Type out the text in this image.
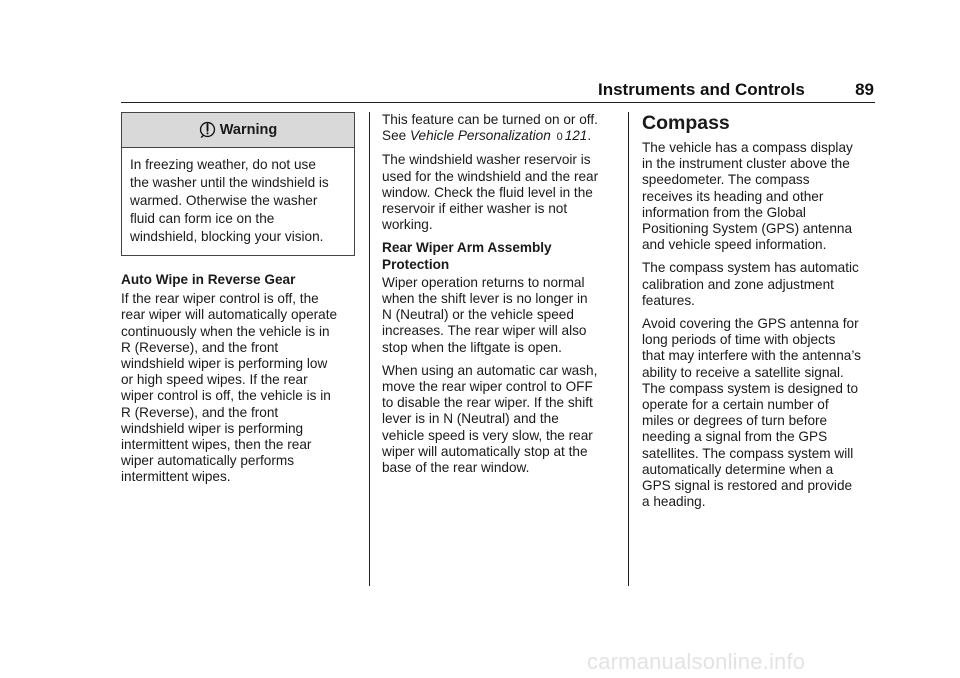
Instruments and Controls	89
Warning
In freezing weather, do not use
the washer until the windshield is
warmed. Otherwise the washer
fluid can form ice on the
windshield, blocking your vision.

Auto Wipe in Reverse Gear

If the rear wiper control is off, the
rear wiper will automatically operate
continuously when the vehicle is in
R (Reverse), and the front
windshield wiper is performing low
or high speed wipes. If the rear
wiper control is off, the vehicle is in
R (Reverse), and the front
windshield wiper is performing
intermittent wipes, then the rear
wiper automatically performs
intermittent wipes.

This feature can be turned on or off.
See Vehicle Personalization 0 121.

The windshield washer reservoir is
used for the windshield and the rear
window. Check the fluid level in the
reservoir if either washer is not
working.

Rear Wiper Arm Assembly
Protection

Wiper operation returns to normal
when the shift lever is no longer in
N (Neutral) or the vehicle speed
increases. The rear wiper will also
stop when the liftgate is open.

When using an automatic car wash,
move the rear wiper control to OFF
to disable the rear wiper. If the shift
lever is in N (Neutral) and the
vehicle speed is very slow, the rear
wiper will automatically stop at the
base of the rear window.

Compass

The vehicle has a compass display
in the instrument cluster above the
speedometer. The compass
receives its heading and other
information from the Global
Positioning System (GPS) antenna
and vehicle speed information.

The compass system has automatic
calibration and zone adjustment
features.

Avoid covering the GPS antenna for
long periods of time with objects
that may interfere with the antenna’s
ability to receive a satellite signal.
The compass system is designed to
operate for a certain number of
miles or degrees of turn before
needing a signal from the GPS
satellites. The compass system will
automatically determine when a
GPS signal is restored and provide
a heading.

carmanualsonline.info
